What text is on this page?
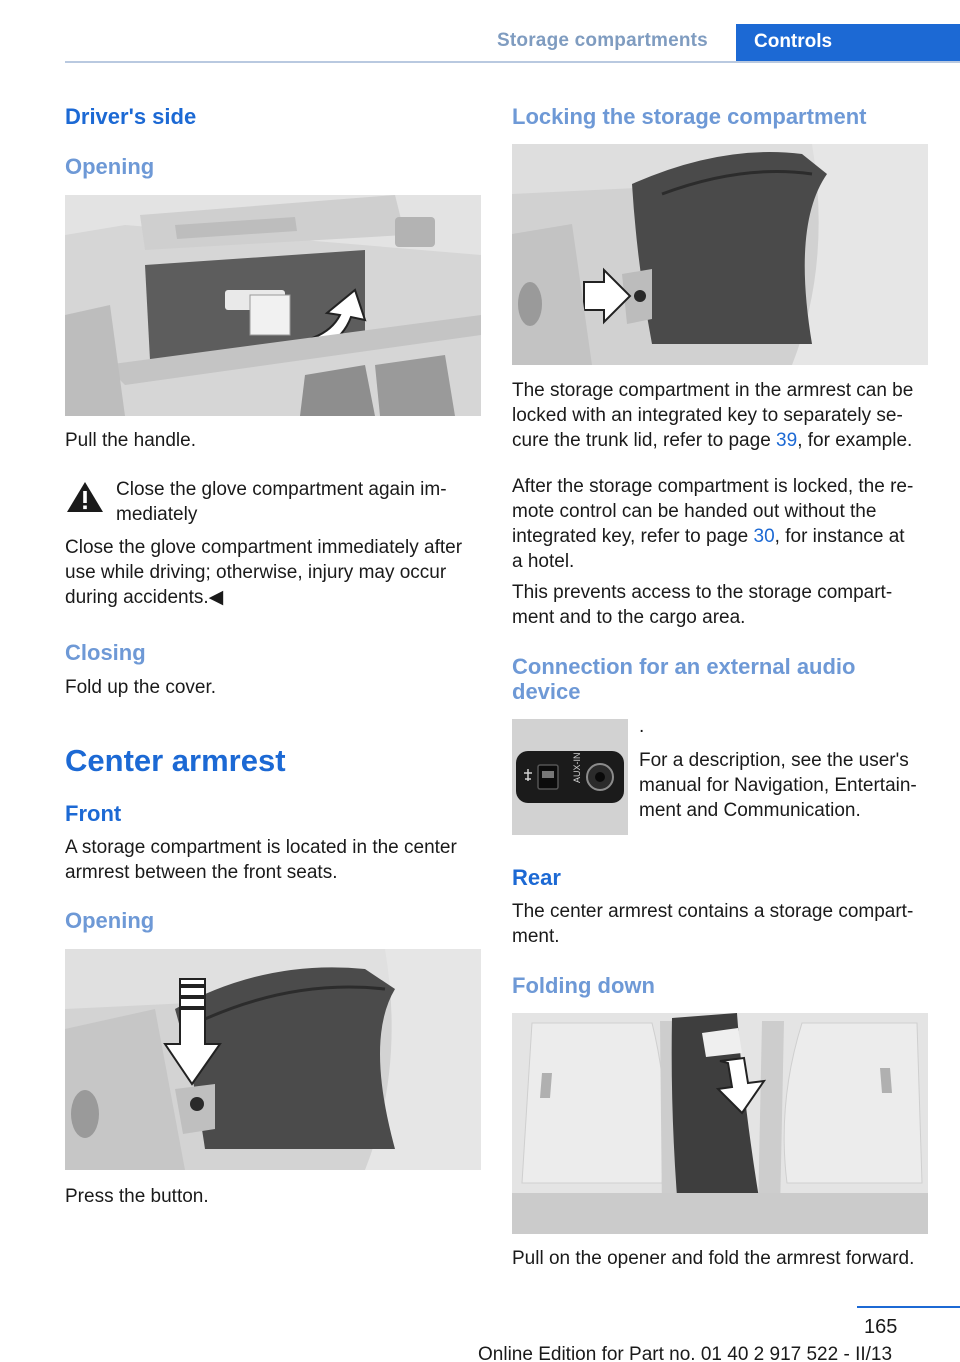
Storage compartments	Controls
Driver's side
Opening
Pull the handle.
Close the glove compartment again im‐
mediately
Close the glove compartment immediately after
use while driving; otherwise, injury may occur
during accidents.◀
Closing
Fold up the cover.
Center armrest
Front
A storage compartment is located in the center
armrest between the front seats.
Opening
Press the button.
Locking the storage compartment
The storage compartment in the armrest can be
locked with an integrated key to separately se‐
cure the trunk lid, refer to page 39, for example.
After the storage compartment is locked, the re‐
mote control can be handed out without the
integrated key, refer to page 30, for instance at
a hotel.
This prevents access to the storage compart‐
ment and to the cargo area.
Connection for an external audio
device
AUX-IN
.
For a description, see the user's
manual for Navigation, Entertain‐
ment and Communication.
Rear
The center armrest contains a storage compart‐
ment.
Folding down
Pull on the opener and fold the armrest forward.
165
Online Edition for Part no. 01 40 2 917 522 - II/13
